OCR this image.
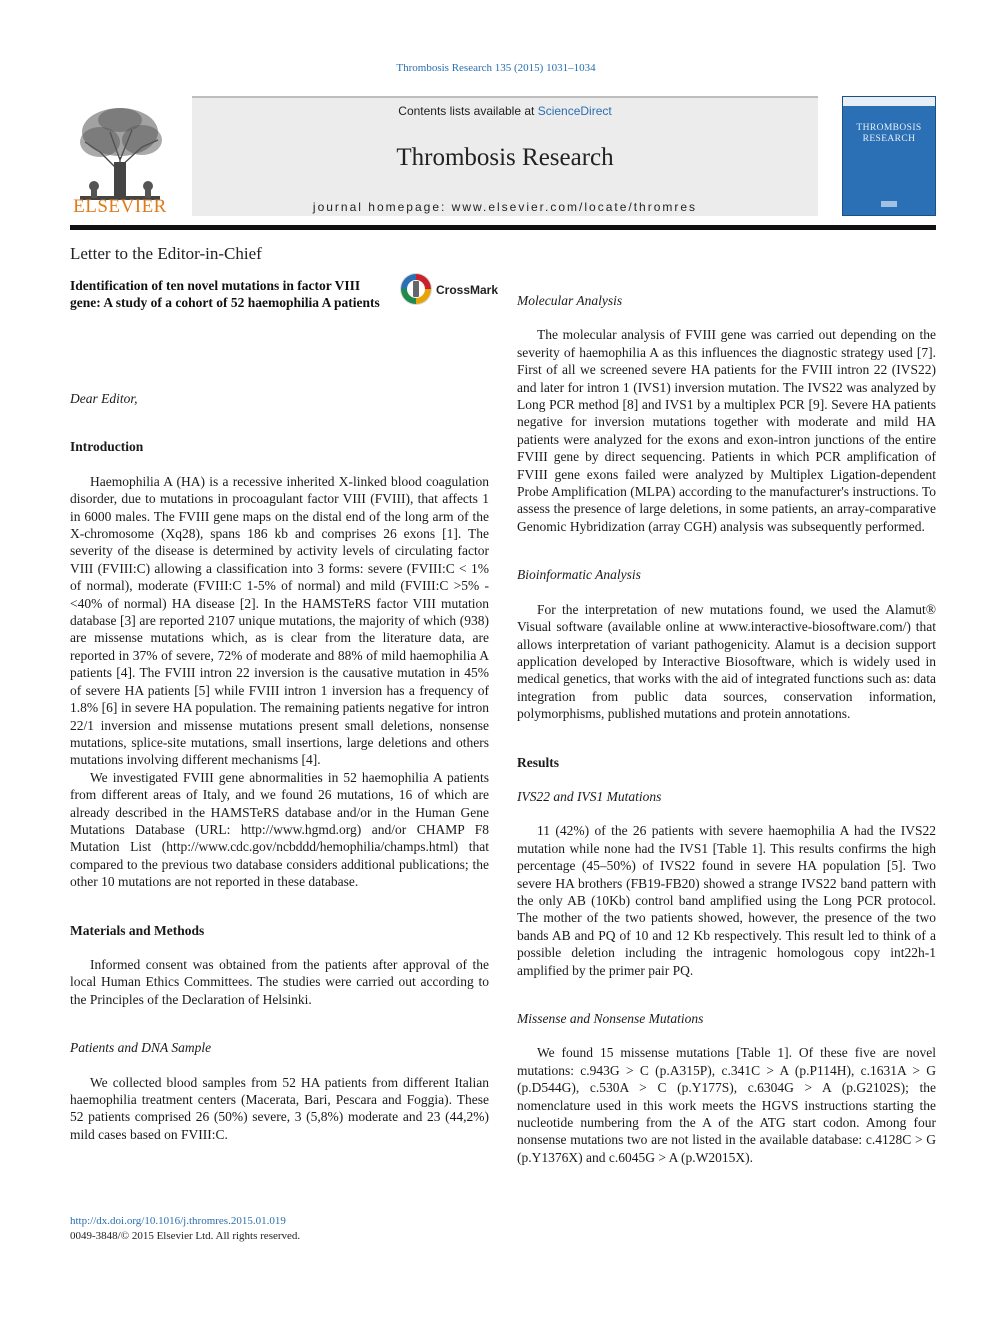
Thrombosis Research 135 (2015) 1031–1034
ELSEVIER
Contents lists available at ScienceDirect
Thrombosis Research
journal homepage: www.elsevier.com/locate/thromres
THROMBOSIS
RESEARCH
Letter to the Editor-in-Chief
Identification of ten novel mutations in factor VIII gene: A study of a cohort of 52 haemophilia A patients
CrossMark

Dear Editor,

Introduction

Haemophilia A (HA) is a recessive inherited X-linked blood coagulation disorder, due to mutations in procoagulant factor VIII (FVIII), that affects 1 in 6000 males. The FVIII gene maps on the distal end of the long arm of the X-chromosome (Xq28), spans 186 kb and comprises 26 exons [1]. The severity of the disease is determined by activity levels of circulating factor VIII (FVIII:C) allowing a classification into 3 forms: severe (FVIII:C < 1% of normal), moderate (FVIII:C 1-5% of normal) and mild (FVIII:C >5% - <40% of normal) HA disease [2]. In the HAMSTeRS factor VIII mutation database [3] are reported 2107 unique mutations, the majority of which (938) are missense mutations which, as is clear from the literature data, are reported in 37% of severe, 72% of moderate and 88% of mild haemophilia A patients [4]. The FVIII intron 22 inversion is the causative mutation in 45% of severe HA patients [5] while FVIII intron 1 inversion has a frequency of 1.8% [6] in severe HA population. The remaining patients negative for intron 22/1 inversion and missense mutations present small deletions, nonsense mutations, splice-site mutations, small insertions, large deletions and others mutations involving different mechanisms [4].

We investigated FVIII gene abnormalities in 52 haemophilia A patients from different areas of Italy, and we found 26 mutations, 16 of which are already described in the HAMSTeRS database and/or in the Human Gene Mutations Database (URL: http://www.hgmd.org) and/or CHAMP F8 Mutation List (http://www.cdc.gov/ncbddd/hemophilia/champs.html) that compared to the previous two database considers additional publications; the other 10 mutations are not reported in these database.

Materials and Methods

Informed consent was obtained from the patients after approval of the local Human Ethics Committees. The studies were carried out according to the Principles of the Declaration of Helsinki.

Patients and DNA Sample

We collected blood samples from 52 HA patients from different Italian haemophilia treatment centers (Macerata, Bari, Pescara and Foggia). These 52 patients comprised 26 (50%) severe, 3 (5,8%) moderate and 23 (44,2%) mild cases based on FVIII:C.

Molecular Analysis

The molecular analysis of FVIII gene was carried out depending on the severity of haemophilia A as this influences the diagnostic strategy used [7]. First of all we screened severe HA patients for the FVIII intron 22 (IVS22) and later for intron 1 (IVS1) inversion mutation. The IVS22 was analyzed by Long PCR method [8] and IVS1 by a multiplex PCR [9]. Severe HA patients negative for inversion mutations together with moderate and mild HA patients were analyzed for the exons and exon-intron junctions of the entire FVIII gene by direct sequencing. Patients in which PCR amplification of FVIII gene exons failed were analyzed by Multiplex Ligation-dependent Probe Amplification (MLPA) according to the manufacturer's instructions. To assess the presence of large deletions, in some patients, an array-comparative Genomic Hybridization (array CGH) analysis was subsequently performed.

Bioinformatic Analysis

For the interpretation of new mutations found, we used the Alamut® Visual software (available online at www.interactive-biosoftware.com/) that allows interpretation of variant pathogenicity. Alamut is a decision support application developed by Interactive Biosoftware, which is widely used in medical genetics, that works with the aid of integrated functions such as: data integration from public data sources, conservation information, polymorphisms, published mutations and protein annotations.

Results
IVS22 and IVS1 Mutations

11 (42%) of the 26 patients with severe haemophilia A had the IVS22 mutation while none had the IVS1 [Table 1]. This results confirms the high percentage (45–50%) of IVS22 found in severe HA population [5]. Two severe HA brothers (FB19-FB20) showed a strange IVS22 band pattern with the only AB (10Kb) control band amplified using the Long PCR protocol. The mother of the two patients showed, however, the presence of the two bands AB and PQ of 10 and 12 Kb respectively. This result led to think of a possible deletion including the intragenic homologous copy int22h-1 amplified by the primer pair PQ.

Missense and Nonsense Mutations

We found 15 missense mutations [Table 1]. Of these five are novel mutations: c.943G > C (p.A315P), c.341C > A (p.P114H), c.1631A > G (p.D544G), c.530A > C (p.Y177S), c.6304G > A (p.G2102S); the nomenclature used in this work meets the HGVS instructions starting the nucleotide numbering from the A of the ATG start codon. Among four nonsense mutations two are not listed in the available database: c.4128C > G (p.Y1376X) and c.6045G > A (p.W2015X).

http://dx.doi.org/10.1016/j.thromres.2015.01.019
0049-3848/© 2015 Elsevier Ltd. All rights reserved.
